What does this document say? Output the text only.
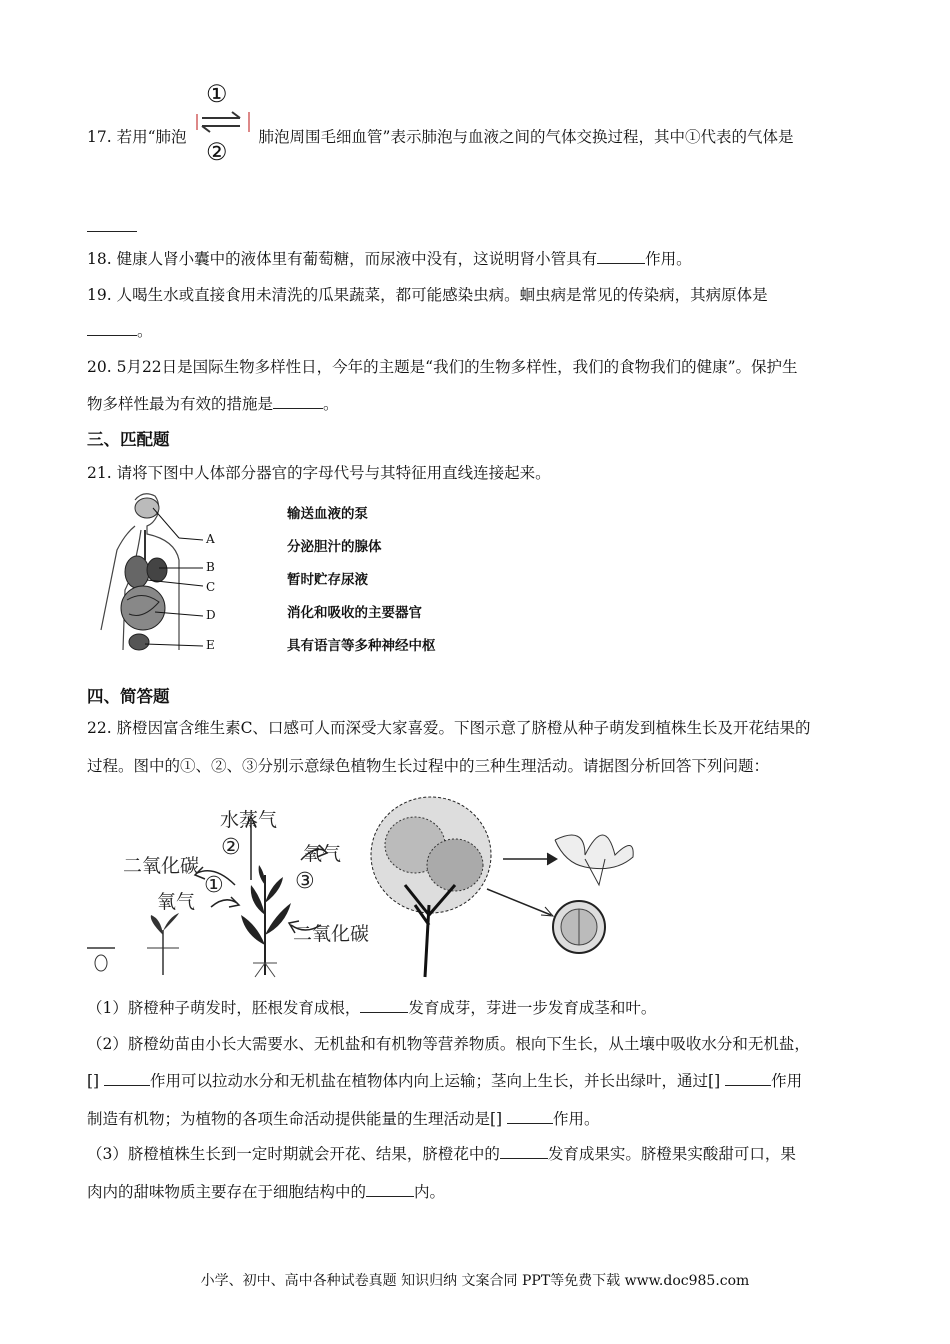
17. 若用“肺泡	肺泡周围毛细血管”表示肺泡与血液之间的气体交换过程，其中①代表的气体是
①
②
18. 健康人肾小囊中的液体里有葡萄糖，而尿液中没有，这说明肾小管具有	作用。
19. 人喝生水或直接食用未清洗的瓜果蔬菜，都可能感染虫病。蛔虫病是常见的传染病，其病原体是
。
20. 5月22日是国际生物多样性日，今年的主题是“我们的生物多样性，我们的食物我们的健康”。保护生
物多样性最为有效的措施是	。
三、匹配题
21. 请将下图中人体部分器官的字母代号与其特征用直线连接起来。
A
B
C
D
E
输送血液的泵
分泌胆汁的腺体
暂时贮存尿液
消化和吸收的主要器官
具有语言等多种神经中枢
四、简答题
22. 脐橙因富含维生素C、口感可人而深受大家喜爱。下图示意了脐橙从种子萌发到植株生长及开花结果的
过程。图中的①、②、③分别示意绿色植物生长过程中的三种生理活动。请据图分析回答下列问题：
水蒸气
二氧化碳
氧气
氧气
二氧化碳
②
①	③
（1）脐橙种子萌发时，胚根发育成根，	发育成芽，芽进一步发育成茎和叶。
（2）脐橙幼苗由小长大需要水、无机盐和有机物等营养物质。根向下生长，从土壤中吸收水分和无机盐，
[]	作用可以拉动水分和无机盐在植物体内向上运输；茎向上生长，并长出绿叶，通过[]	作用
制造有机物；为植物的各项生命活动提供能量的生理活动是[]	作用。
（3）脐橙植株生长到一定时期就会开花、结果，脐橙花中的	发育成果实。脐橙果实酸甜可口，果
肉内的甜味物质主要存在于细胞结构中的	内。
小学、初中、高中各种试卷真题 知识归纳 文案合同 PPT等免费下载 www.doc985.com
